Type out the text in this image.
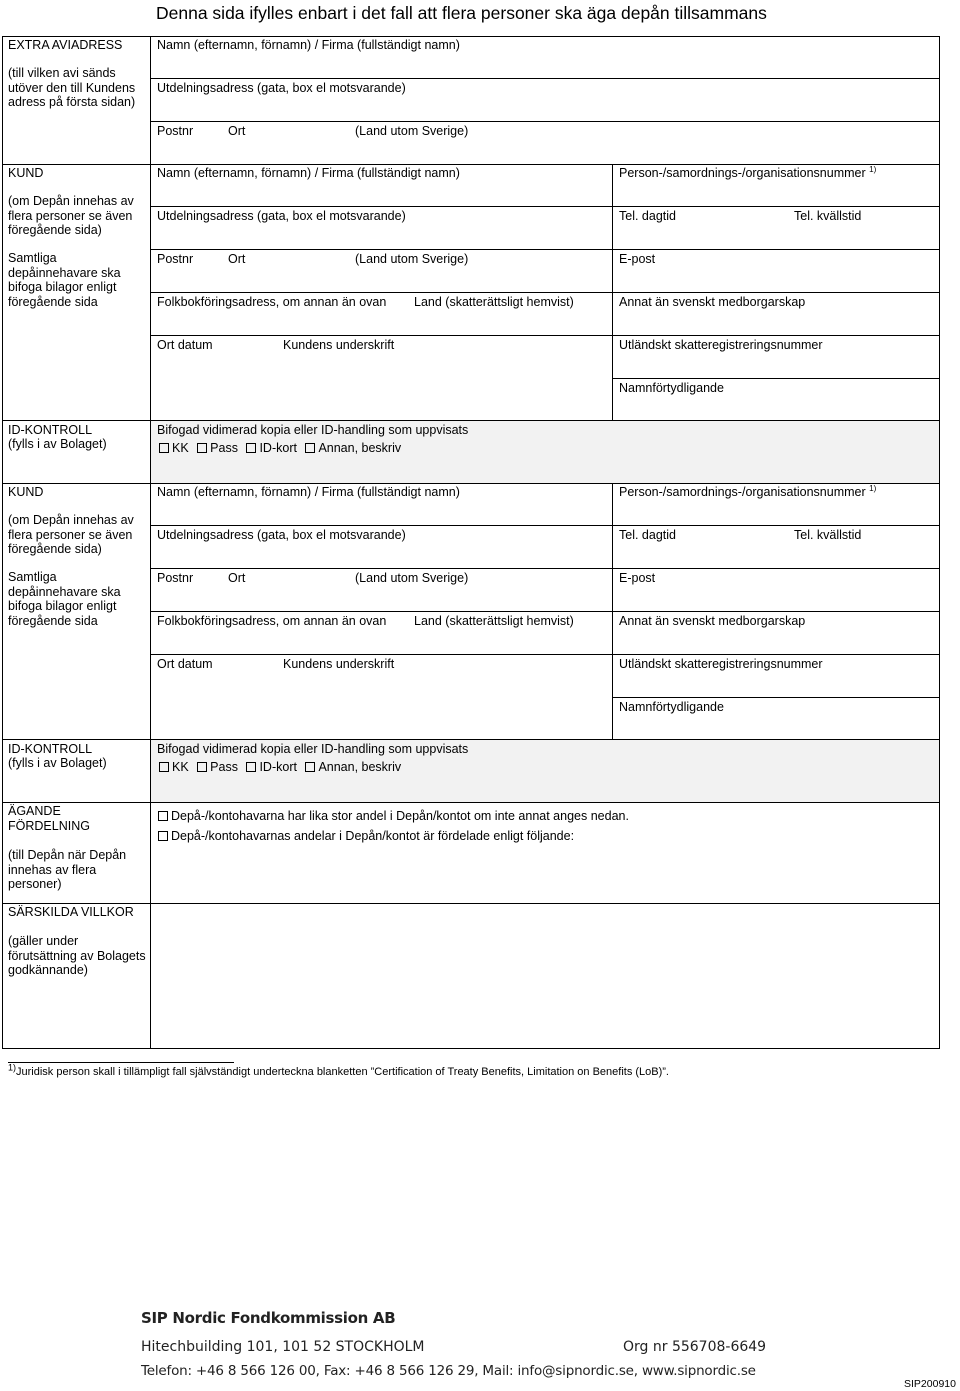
Denna sida ifylles enbart i det fall att flera personer ska äga depån tillsammans
EXTRA AVIADRESS
(till vilken avi sänds utöver den till Kundens adress på första sidan)
Namn (efternamn, förnamn) / Firma (fullständigt namn)
Utdelningsadress (gata, box el motsvarande)
Postnr	Ort	(Land utom Sverige)
KUND
(om Depån innehas av flera personer se även föregående sida)
Samtliga depåinnehavare ska bifoga bilagor enligt föregående sida
Namn (efternamn, förnamn) / Firma (fullständigt namn)	Person-/samordnings-/organisationsnummer $^{1)}$
Utdelningsadress (gata, box el motsvarande)	Tel. dagtid	Tel. kvällstid
Postnr	Ort	(Land utom Sverige)	E-post
Folkbokföringsadress, om annan än ovan Land (skatterättsligt hemvist)	Annat än svenskt medborgarskap
Ort datum	Kundens underskrift	Utländskt skatteregistreringsnummer
Namnförtydligande
ID-KONTROLL
(fylls i av Bolaget)
Bifogad vidimerad kopia eller ID-handling som uppvisats
KK Pass ID-kort Annan, beskriv
KUND
(om Depån innehas av flera personer se även föregående sida)
Samtliga depåinnehavare ska bifoga bilagor enligt föregående sida
Namn (efternamn, förnamn) / Firma (fullständigt namn)	Person-/samordnings-/organisationsnummer $^{1)}$
Utdelningsadress (gata, box el motsvarande)	Tel. dagtid	Tel. kvällstid
Postnr	Ort	(Land utom Sverige)	E-post
Folkbokföringsadress, om annan än ovan Land (skatterättsligt hemvist)	Annat än svenskt medborgarskap
Ort datum	Kundens underskrift	Utländskt skatteregistreringsnummer
Namnförtydligande
ID-KONTROLL
(fylls i av Bolaget)
Bifogad vidimerad kopia eller ID-handling som uppvisats
KK Pass ID-kort Annan, beskriv
ÄGANDE FÖRDELNING
(till Depån när Depån innehas av flera personer)
Depå-/kontohavarna har lika stor andel i Depån/kontot om inte annat anges nedan.
Depå-/kontohavarnas andelar i Depån/kontot är fördelade enligt följande:
SÄRSKILDA VILLKOR
(gäller under förutsättning av Bolagets godkännande)
$^{1)}$Juridisk person skall i tillämpligt fall självständigt underteckna blanketten ”Certification of Treaty Benefits, Limitation on Benefits (LoB)”.
SIP Nordic Fondkommission AB
Hitechbuilding 101, 101 52 STOCKHOLM	Org nr 556708-6649
Telefon: +46 8 566 126 00, Fax: +46 8 566 126 29, Mail: info@sipnordic.se, www.sipnordic.se
SIP200910
